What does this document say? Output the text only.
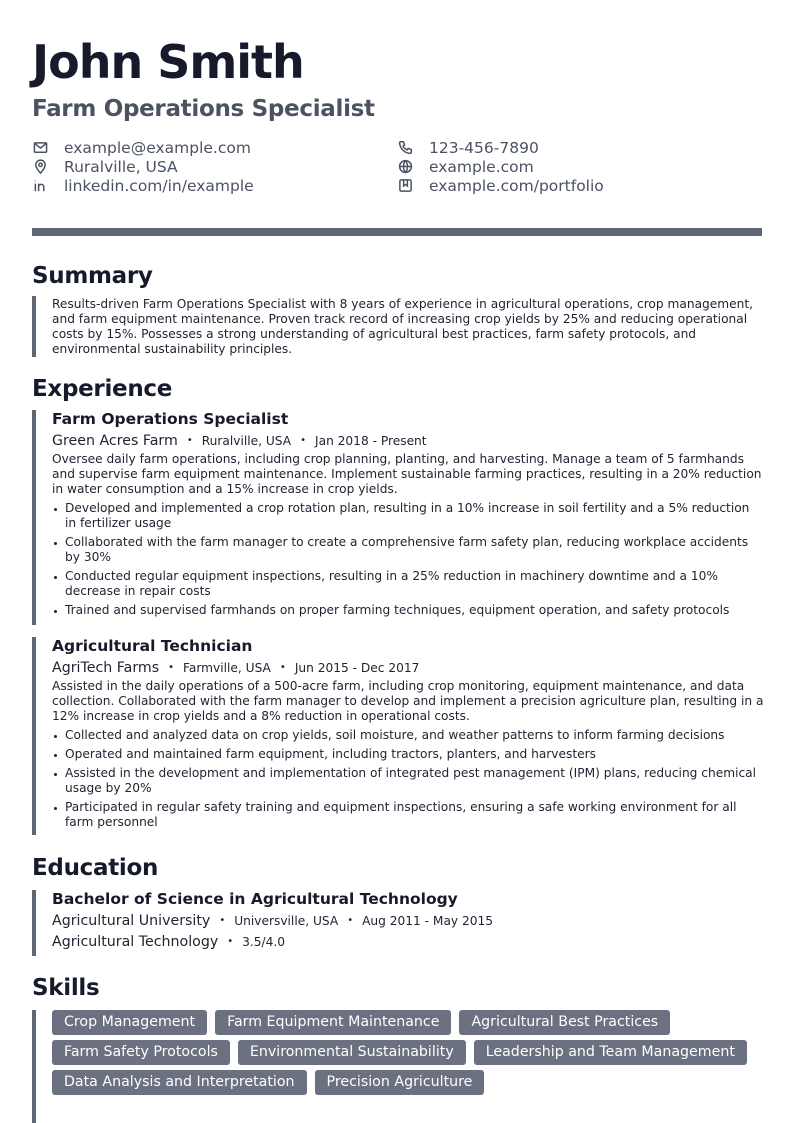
John Smith
Farm Operations Specialist
example@example.com
Ruralville, USA
linkedin.com/in/example
123-456-7890
example.com
example.com/portfolio
Summary
Results-driven Farm Operations Specialist with 8 years of experience in agricultural operations, crop management, and farm equipment maintenance. Proven track record of increasing crop yields by 25% and reducing operational costs by 15%. Possesses a strong understanding of agricultural best practices, farm safety protocols, and environmental sustainability principles.
Experience
Farm Operations Specialist
Green Acres Farm • Ruralville, USA • Jan 2018 - Present
Oversee daily farm operations, including crop planning, planting, and harvesting. Manage a team of 5 farmhands and supervise farm equipment maintenance. Implement sustainable farming practices, resulting in a 20% reduction in water consumption and a 15% increase in crop yields.
Developed and implemented a crop rotation plan, resulting in a 10% increase in soil fertility and a 5% reduction in fertilizer usage
Collaborated with the farm manager to create a comprehensive farm safety plan, reducing workplace accidents by 30%
Conducted regular equipment inspections, resulting in a 25% reduction in machinery downtime and a 10% decrease in repair costs
Trained and supervised farmhands on proper farming techniques, equipment operation, and safety protocols
Agricultural Technician
AgriTech Farms • Farmville, USA • Jun 2015 - Dec 2017
Assisted in the daily operations of a 500-acre farm, including crop monitoring, equipment maintenance, and data collection. Collaborated with the farm manager to develop and implement a precision agriculture plan, resulting in a 12% increase in crop yields and a 8% reduction in operational costs.
Collected and analyzed data on crop yields, soil moisture, and weather patterns to inform farming decisions
Operated and maintained farm equipment, including tractors, planters, and harvesters
Assisted in the development and implementation of integrated pest management (IPM) plans, reducing chemical usage by 20%
Participated in regular safety training and equipment inspections, ensuring a safe working environment for all farm personnel
Education
Bachelor of Science in Agricultural Technology
Agricultural University • Universville, USA • Aug 2011 - May 2015
Agricultural Technology • 3.5/4.0
Skills
Crop Management	Farm Equipment Maintenance	Agricultural Best Practices
Farm Safety Protocols	Environmental Sustainability	Leadership and Team Management
Data Analysis and Interpretation	Precision Agriculture
